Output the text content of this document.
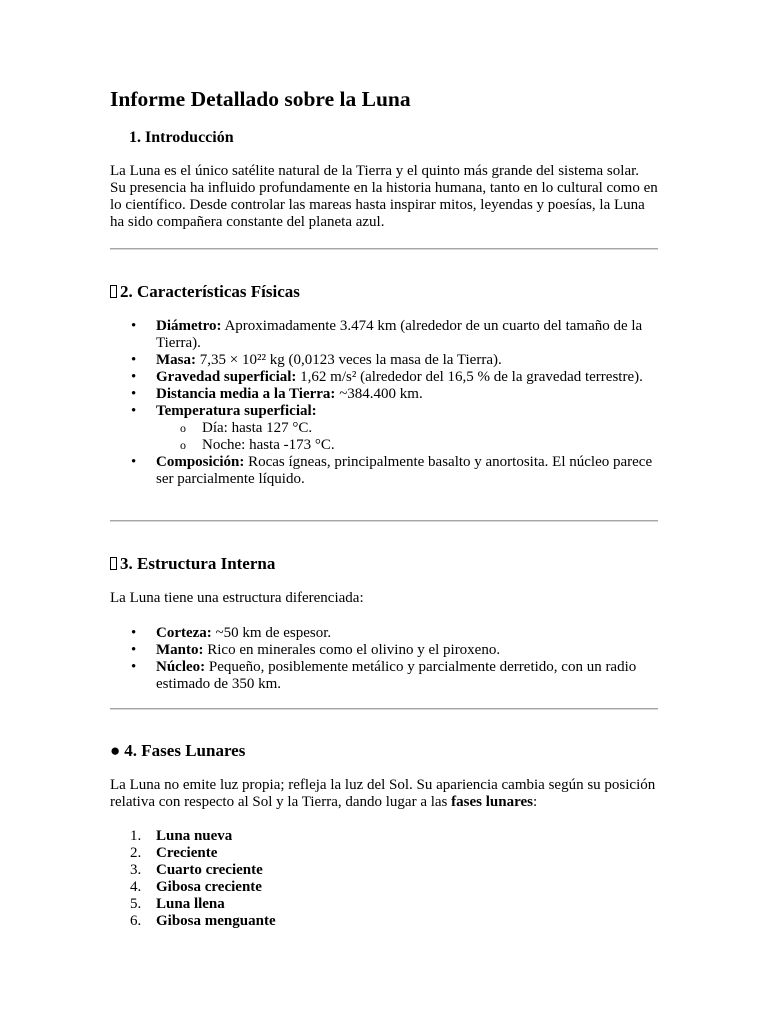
Informe Detallado sobre la Luna
1. Introducción

La Luna es el único satélite natural de la Tierra y el quinto más grande del sistema solar. Su presencia ha influido profundamente en la historia humana, tanto en lo cultural como en lo científico. Desde controlar las mareas hasta inspirar mitos, leyendas y poesías, la Luna ha sido compañera constante del planeta azul.

2. Características Físicas
• Diámetro: Aproximadamente 3.474 km (alrededor de un cuarto del tamaño de la Tierra).
• Masa: 7,35 × 10²² kg (0,0123 veces la masa de la Tierra).
• Gravedad superficial: 1,62 m/s² (alrededor del 16,5 % de la gravedad terrestre).
• Distancia media a la Tierra: ~384.400 km.
• Temperatura superficial:
o Día: hasta 127 °C.
o Noche: hasta -173 °C.
• Composición: Rocas ígneas, principalmente basalto y anortosita. El núcleo parece ser parcialmente líquido.
3. Estructura Interna

La Luna tiene una estructura diferenciada:

• Corteza: ~50 km de espesor.
• Manto: Rico en minerales como el olivino y el piroxeno.
• Núcleo: Pequeño, posiblemente metálico y parcialmente derretido, con un radio estimado de 350 km.
● 4. Fases Lunares

La Luna no emite luz propia; refleja la luz del Sol. Su apariencia cambia según su posición relativa con respecto al Sol y la Tierra, dando lugar a las fases lunares:

1. Luna nueva
2. Creciente
3. Cuarto creciente
4. Gibosa creciente
5. Luna llena
6. Gibosa menguante
